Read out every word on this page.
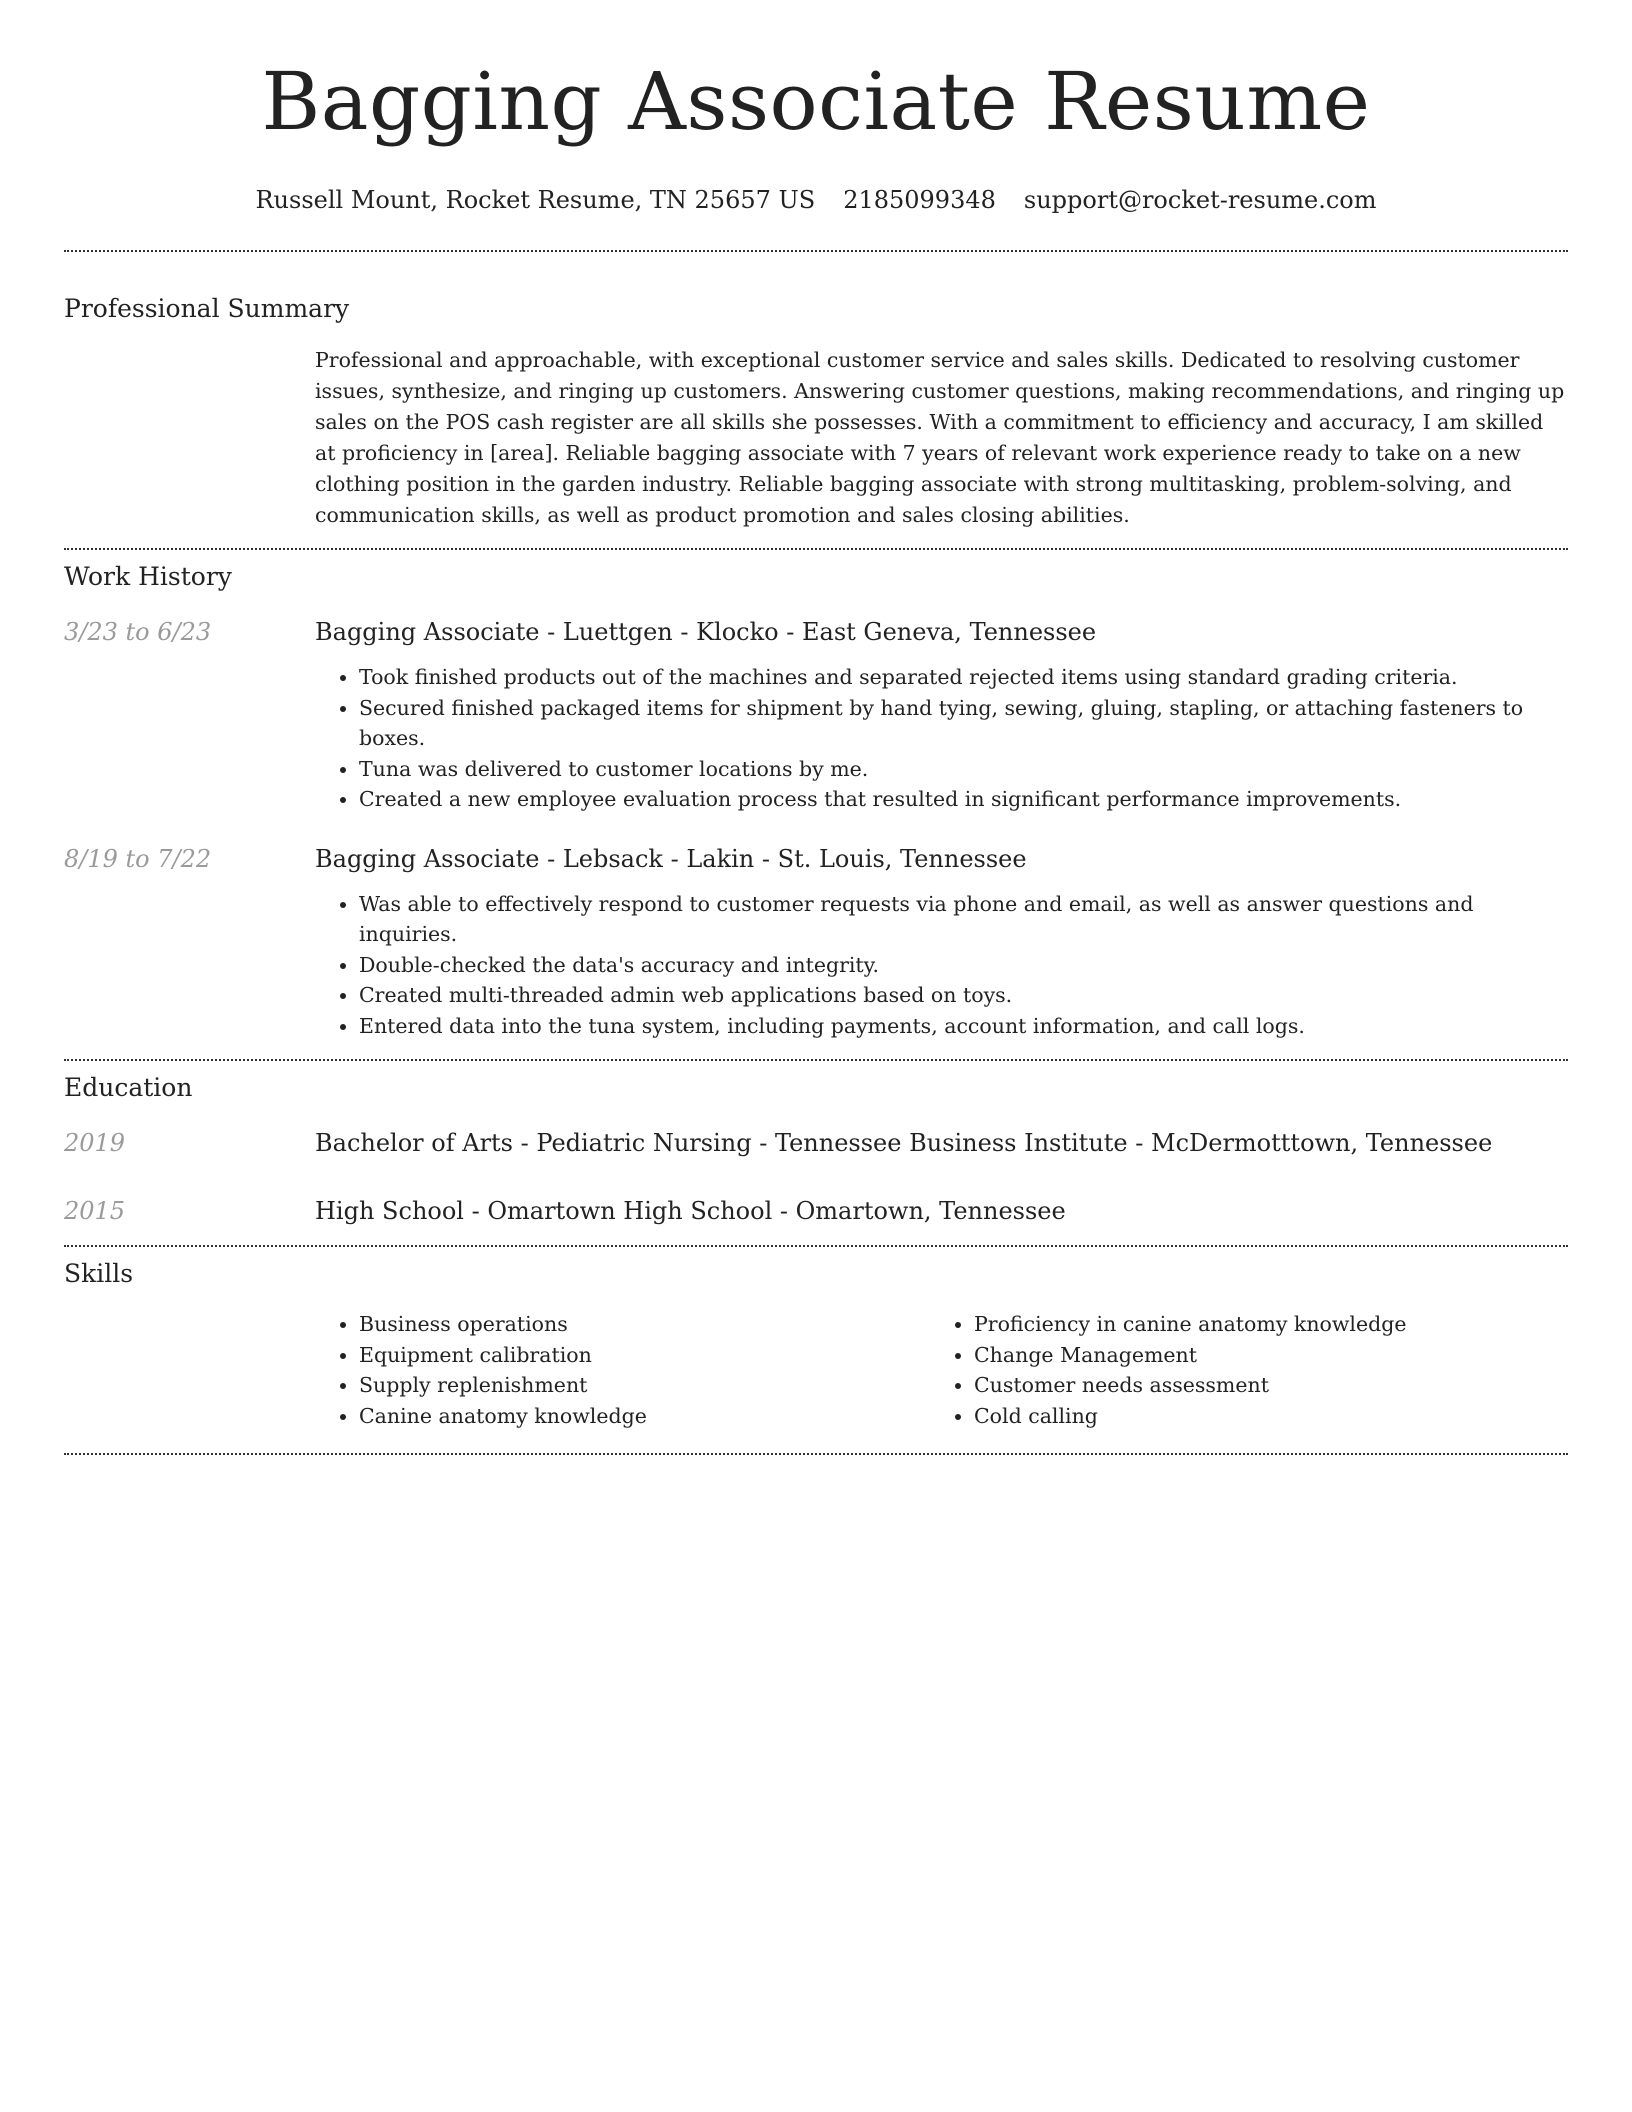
Bagging Associate Resume
Russell Mount, Rocket Resume, TN 25657 US 2185099348 support@rocket-resume.com
Professional Summary

Professional and approachable, with exceptional customer service and sales skills. Dedicated to resolving customer issues, synthesize, and ringing up customers. Answering customer questions, making recommendations, and ringing up sales on the POS cash register are all skills she possesses. With a commitment to efficiency and accuracy, I am skilled at proficiency in [area]. Reliable bagging associate with 7 years of relevant work experience ready to take on a new clothing position in the garden industry. Reliable bagging associate with strong multitasking, problem-solving, and communication skills, as well as product promotion and sales closing abilities.

Work History
3/23 to 6/23	Bagging Associate - Luettgen - Klocko - East Geneva, Tennessee
• Took finished products out of the machines and separated rejected items using standard grading criteria.
• Secured finished packaged items for shipment by hand tying, sewing, gluing, stapling, or attaching fasteners to boxes.
• Tuna was delivered to customer locations by me.
• Created a new employee evaluation process that resulted in significant performance improvements.
8/19 to 7/22	Bagging Associate - Lebsack - Lakin - St. Louis, Tennessee
• Was able to effectively respond to customer requests via phone and email, as well as answer questions and inquiries.
• Double-checked the data's accuracy and integrity.
• Created multi-threaded admin web applications based on toys.
• Entered data into the tuna system, including payments, account information, and call logs.
Education
2019	Bachelor of Arts - Pediatric Nursing - Tennessee Business Institute - McDermotttown, Tennessee
2015	High School - Omartown High School - Omartown, Tennessee
Skills
• Business operations
• Equipment calibration
• Supply replenishment
• Canine anatomy knowledge
• Proficiency in canine anatomy knowledge
• Change Management
• Customer needs assessment
• Cold calling
